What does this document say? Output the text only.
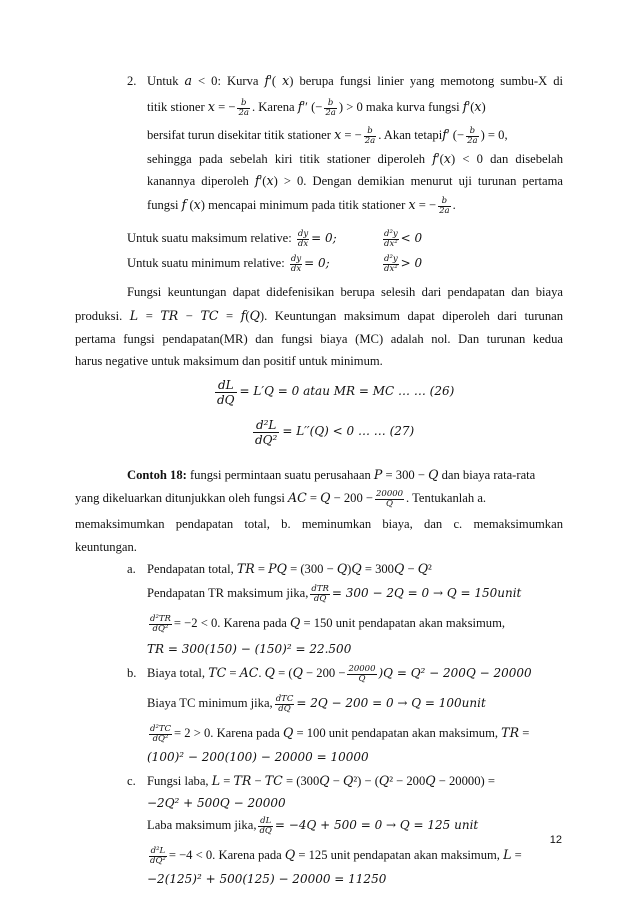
2. Untuk 𝑎 < 0: Kurva 𝑓′( 𝑥) berupa fungsi linier yang memotong sumbu-X di
titik stioner 𝑥 = − $\frac{\text{𝑏}}{\text{2𝑎}}$ . Karena 𝑓′′ (− $\frac{\text{𝑏}}{\text{2𝑎}}$ ) > 0 maka kurva fungsi 𝑓′(𝑥)
bersifat turun disekitar titik stationer 𝑥 = − $\frac{\text{𝑏}}{\text{2𝑎}}$ . Akan tetapi𝑓′ (− $\frac{\text{𝑏}}{\text{2𝑎}}$ ) = 0,
sehingga pada sebelah kiri titik stationer diperoleh 𝑓′(𝑥) < 0 dan disebelah
kanannya diperoleh 𝑓′(𝑥) > 0. Dengan demikian menurut uji turunan pertama
fungsi 𝑓 (𝑥) mencapai minimum pada titik stationer 𝑥 = − $\frac{\text{𝑏}}{\text{2𝑎}}$ .
Untuk suatu maksimum relative: $\frac{\text{𝑑𝑦}}{\text{𝑑𝑥}} = 0$;	$\frac{\text{𝑑²𝑦}}{\text{𝑑𝑥²}} < 0$
Untuk suatu minimum relative: $\frac{\text{𝑑𝑦}}{\text{𝑑𝑥}} = 0$;	$\frac{\text{𝑑²𝑦}}{\text{𝑑𝑥²}} > 0$
Fungsi keuntungan dapat didefenisikan berupa selesih dari pendapatan dan biaya
produksi. 𝐿 = 𝑇𝑅 − 𝑇𝐶 = 𝑓(𝑄). Keuntungan maksimum dapat diperoleh dari turunan
pertama fungsi pendapatan(MR) dan fungsi biaya (MC) adalah nol. Dan turunan kedua
harus negative untuk maksimum dan positif untuk minimum.
𝑑𝐿
𝑑𝑄
= 𝐿′𝑄 = 0 𝑎𝑡𝑎𝑢 𝑀𝑅 = 𝑀𝐶 … … (26)
𝑑²𝐿
𝑑𝑄²
= 𝐿′′(𝑄) < 0 … … (27)
Contoh 18: fungsi permintaan suatu perusahaan 𝑃 = 300 − 𝑄 dan biaya rata-rata
yang dikeluarkan ditunjukkan oleh fungsi 𝐴𝐶 = 𝑄 − $200 - \frac{20000}{\text{𝑄}}$ . Tentukanlah a.
memaksimumkan pendapatan total, b. meminumkan biaya, dan c. memaksimumkan
keuntungan.
a. Pendapatan total, 𝑇𝑅 = 𝑃𝑄 = (300 − 𝑄)𝑄 = 300𝑄 − 𝑄²
Pendapatan TR maksimum jika, $\frac{\text{𝑑𝑇𝑅}}{\text{𝑑𝑄}} = 300$ − 2𝑄 = 0 → 𝑄 = 150unit
$\frac{\text{𝑑²𝑇𝑅}}{\text{𝑑𝑄²}} = -2 < 0$. Karena pada 𝑄 = 150 unit pendapatan akan maksimum,
𝑇𝑅 = 300(150) − (150)² = 22.500
b. Biaya total, 𝑇𝐶 = 𝐴𝐶. 𝑄 = (𝑄 − $200 - \frac{20000}{\text{𝑄}}$ )𝑄 = 𝑄² − 200𝑄 − 20000
Biaya TC minimum jika, $\frac{\text{𝑑𝑇𝐶}}{\text{𝑑𝑄}}$ = 2𝑄 − 200 = 0 → 𝑄 = 100unit
$\frac{\text{𝑑²𝑇𝐶}}{\text{𝑑𝑄²}} = 2 > 0$. Karena pada 𝑄 = 100 unit pendapatan akan maksimum, 𝑇𝑅 =
(100)² − 200(100) − 20000 = 10000
c. Fungsi laba, 𝐿 = 𝑇𝑅 − 𝑇𝐶 = (300𝑄 − 𝑄²) − (𝑄² − 200𝑄 − 20000) =
−2𝑄² + 500𝑄 − 20000
Laba maksimum jika, $\frac{\text{𝑑𝐿}}{\text{𝑑𝑄}}$ = −4𝑄 + 500 = 0 → 𝑄 = 125 unit
$\frac{\text{𝑑²𝐿}}{\text{𝑑𝑄²}} = -4 < 0$. Karena pada 𝑄 = 125 unit pendapatan akan maksimum, 𝐿 =
−2(125)² + 500(125) − 20000 = 11250
12
